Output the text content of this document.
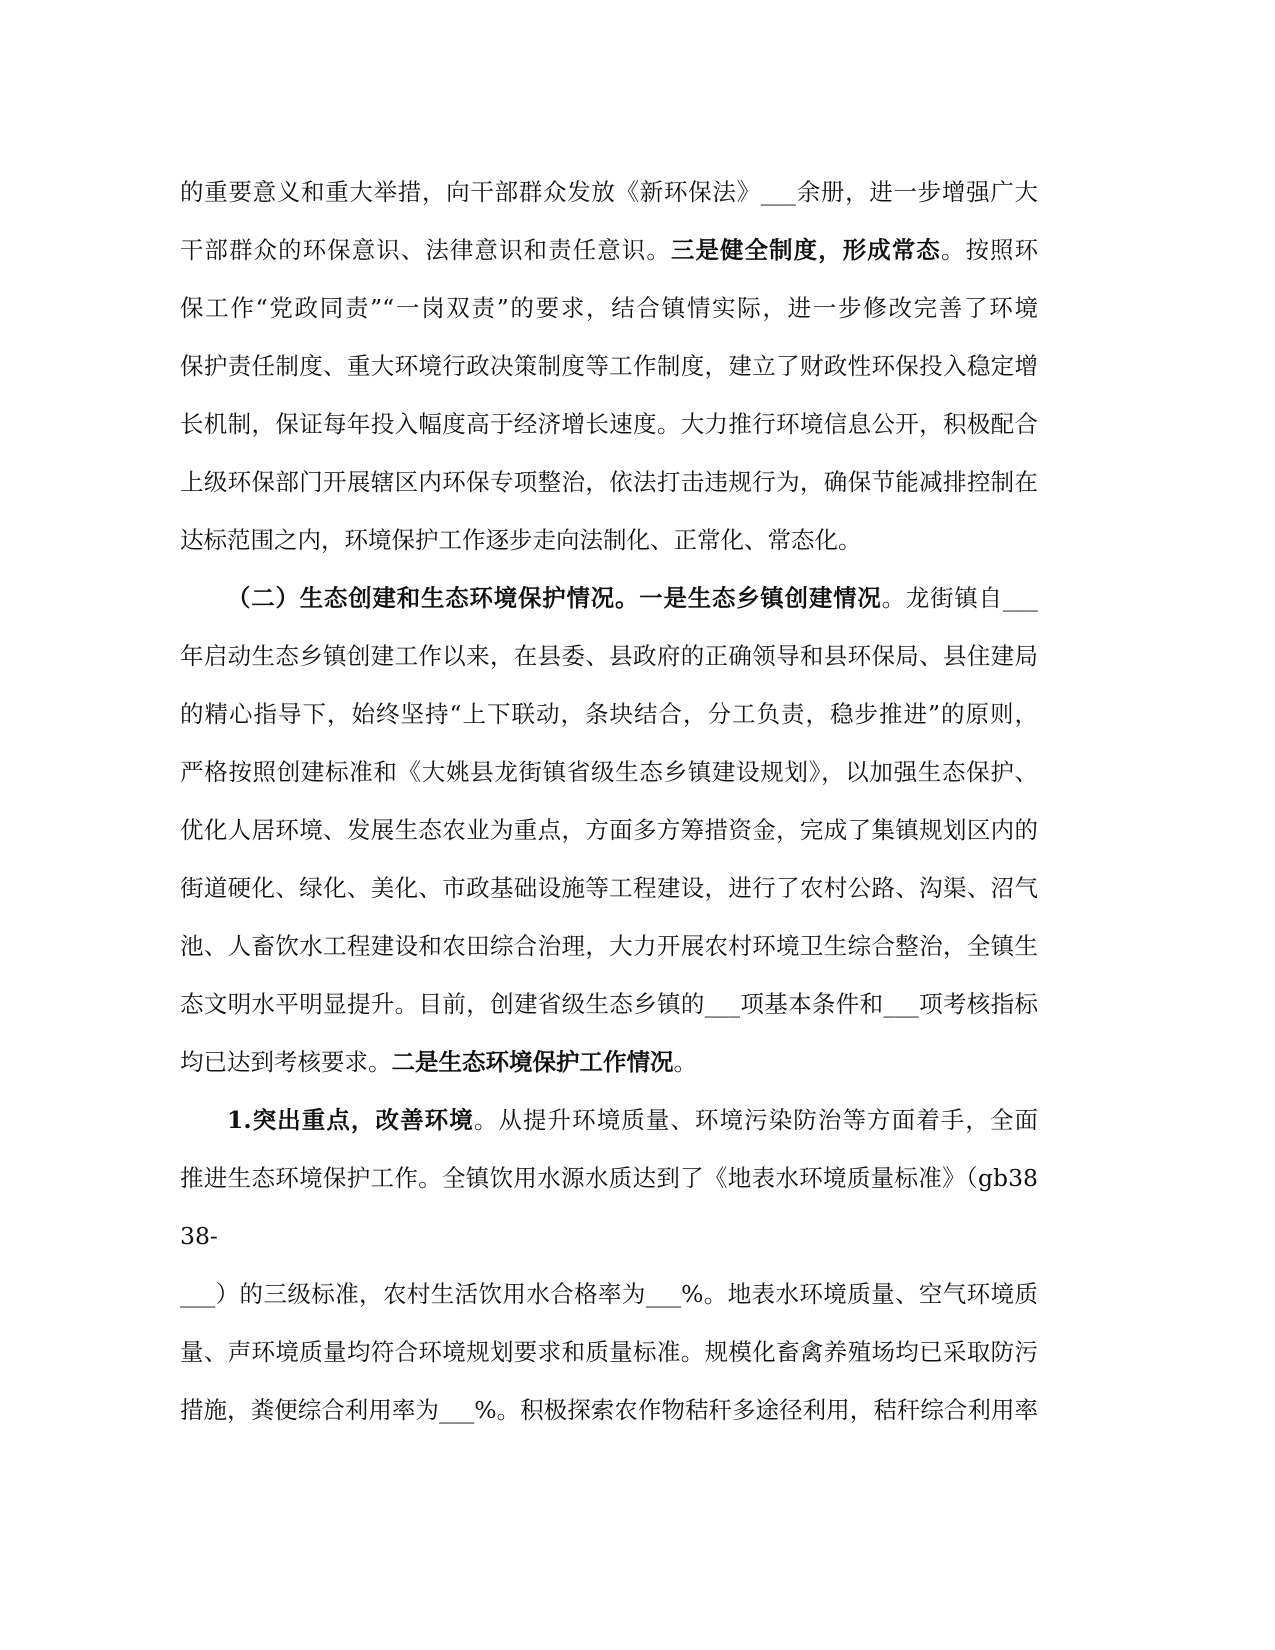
的重要意义和重大举措，向干部群众发放《新环保法》___余册，进一步增强广大
干部群众的环保意识、法律意识和责任意识。三是健全制度，形成常态。按照环
保工作“党政同责”“一岗双责”的要求，结合镇情实际，进一步修改完善了环境
保护责任制度、重大环境行政决策制度等工作制度，建立了财政性环保投入稳定增
长机制，保证每年投入幅度高于经济增长速度。大力推行环境信息公开，积极配合
上级环保部门开展辖区内环保专项整治，依法打击违规行为，确保节能减排控制在
达标范围之内，环境保护工作逐步走向法制化、正常化、常态化。
（二）生态创建和生态环境保护情况。一是生态乡镇创建情况。龙街镇自___
年启动生态乡镇创建工作以来，在县委、县政府的正确领导和县环保局、县住建局
的精心指导下，始终坚持“上下联动，条块结合，分工负责，稳步推进”的原则，
严格按照创建标准和《大姚县龙街镇省级生态乡镇建设规划》，以加强生态保护、
优化人居环境、发展生态农业为重点，方面多方筹措资金，完成了集镇规划区内的
街道硬化、绿化、美化、市政基础设施等工程建设，进行了农村公路、沟渠、沼气
池、人畜饮水工程建设和农田综合治理，大力开展农村环境卫生综合整治，全镇生
态文明水平明显提升。目前，创建省级生态乡镇的___项基本条件和___项考核指标
均已达到考核要求。二是生态环境保护工作情况。
1.突出重点，改善环境。从提升环境质量、环境污染防治等方面着手，全面
推进生态环境保护工作。全镇饮用水源水质达到了《地表水环境质量标准》（gb38
38-
___）的三级标准，农村生活饮用水合格率为___%。地表水环境质量、空气环境质
量、声环境质量均符合环境规划要求和质量标准。规模化畜禽养殖场均已采取防污
措施，粪便综合利用率为___%。积极探索农作物秸秆多途径利用，秸秆综合利用率
